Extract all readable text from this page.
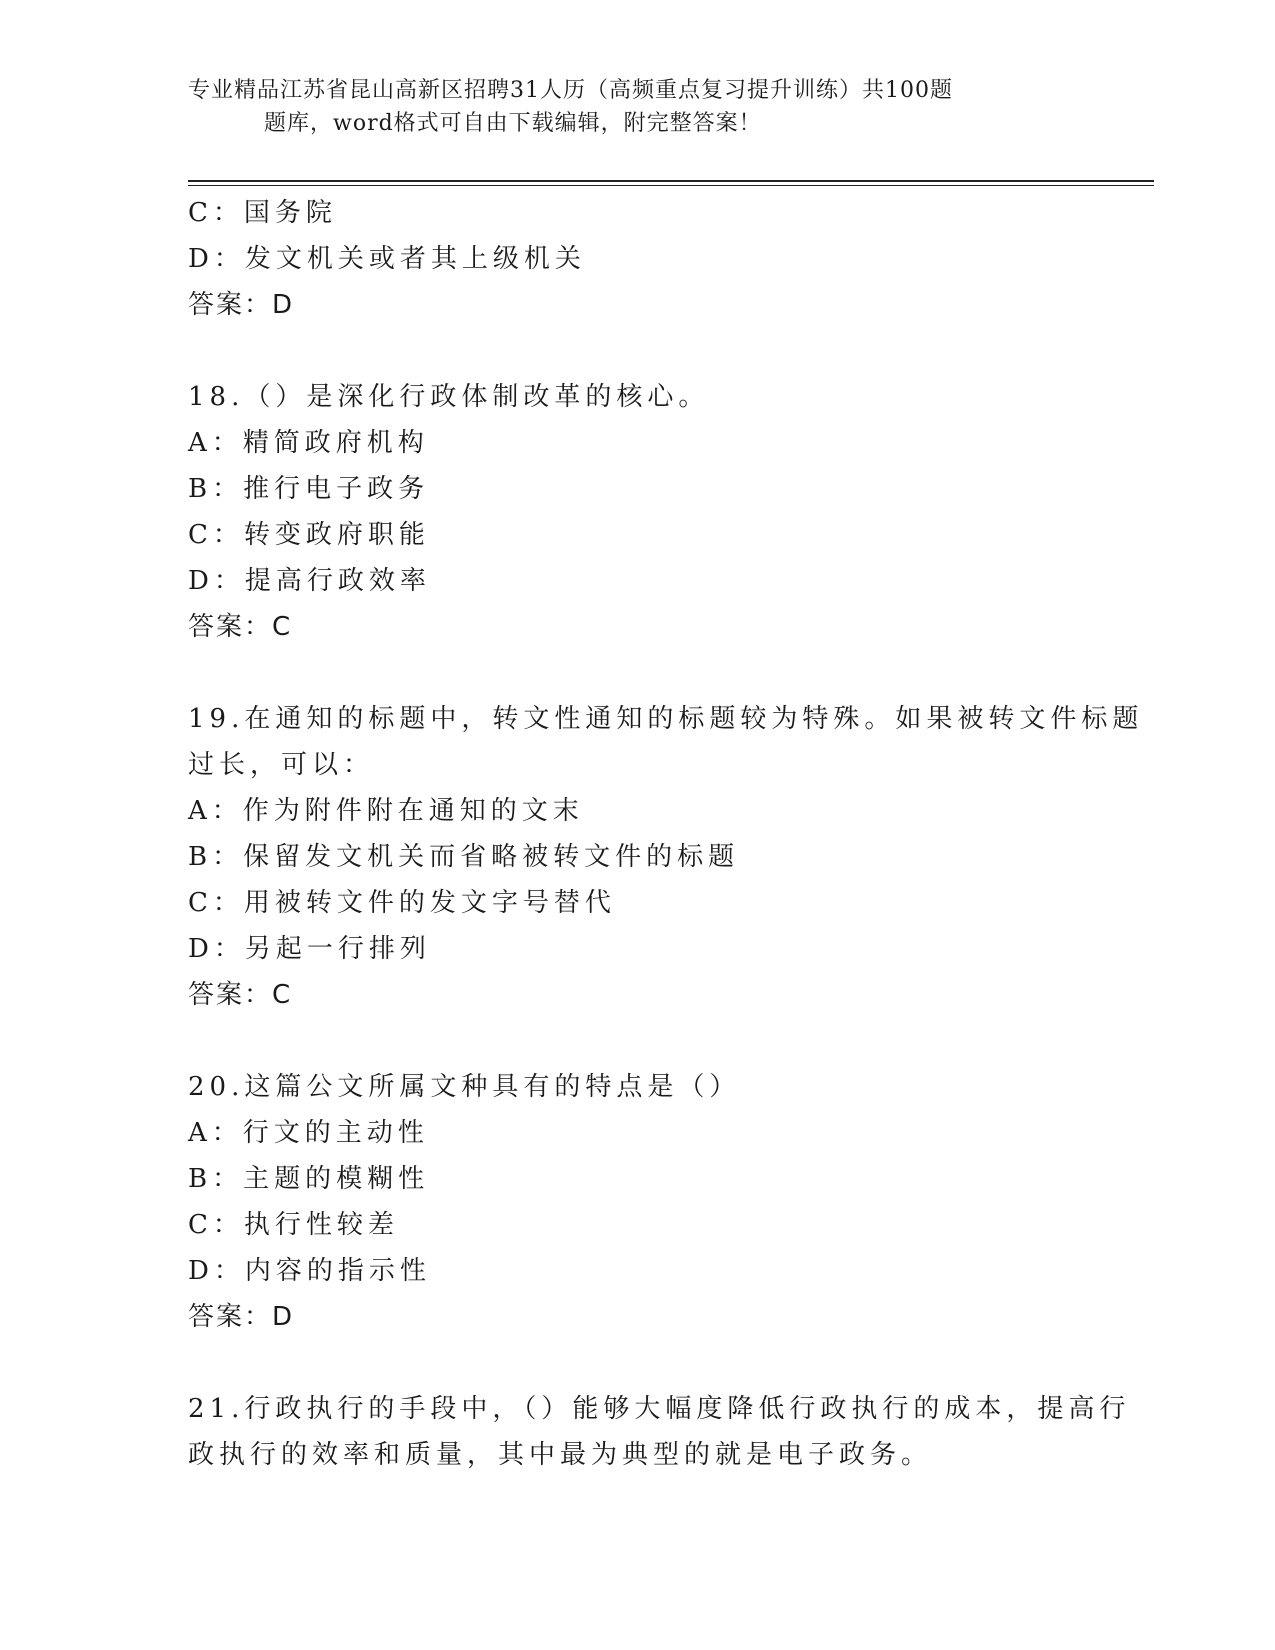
专业精品江苏省昆山高新区招聘31人历（高频重点复习提升训练）共100题
题库，word格式可自由下载编辑，附完整答案！
C：国务院
D：发文机关或者其上级机关
答案：D
18.（）是深化行政体制改革的核心。
A：精简政府机构
B：推行电子政务
C：转变政府职能
D：提高行政效率
答案：C
19.在通知的标题中，转文性通知的标题较为特殊。如果被转文件标题
过长，可以：
A：作为附件附在通知的文末
B：保留发文机关而省略被转文件的标题
C：用被转文件的发文字号替代
D：另起一行排列
答案：C
20.这篇公文所属文种具有的特点是（）
A：行文的主动性
B：主题的模糊性
C：执行性较差
D：内容的指示性
答案：D
21.行政执行的手段中，（）能够大幅度降低行政执行的成本，提高行
政执行的效率和质量，其中最为典型的就是电子政务。
